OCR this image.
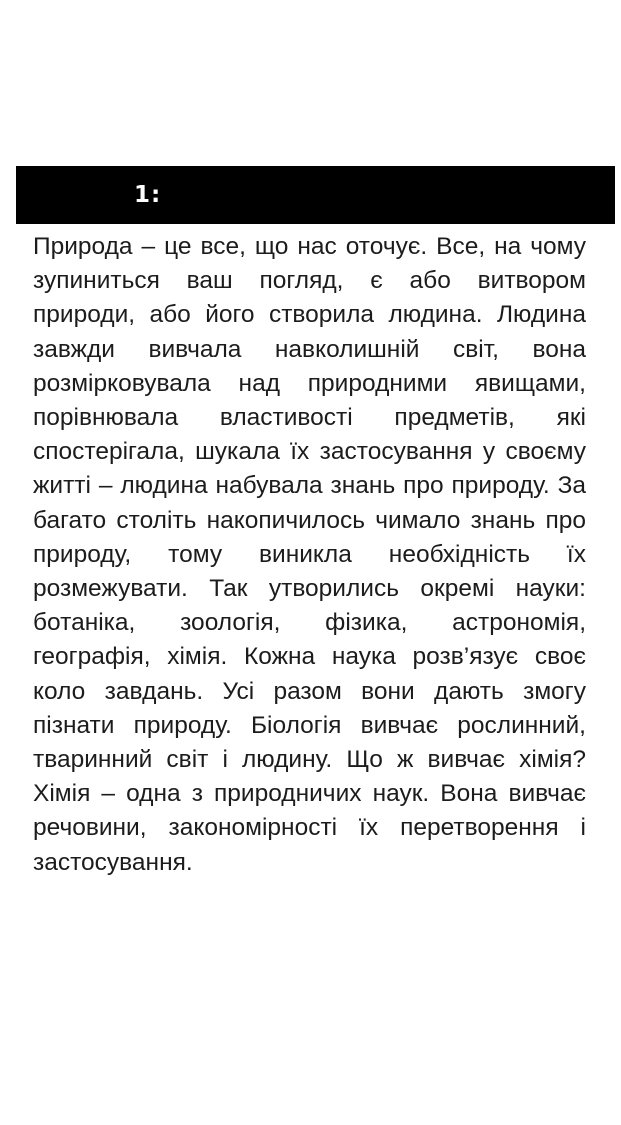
1:

Природа – це все, що нас оточує. Все, на чому зупиниться ваш погляд, є або витвором природи, або його створила людина. Людина завжди вивчала навколишній світ, вона розмірковувала над природними явищами, порівнювала властивості предметів, які спостерігала, шукала їх застосування у своєму житті – людина набувала знань про природу. За багато століть накопичилось чимало знань про природу, тому виникла необхідність їх розмежувати. Так утворились окремі науки: ботаніка, зоологія, фізика, астрономія, географія, хімія. Кожна наука розв’язує своє коло завдань. Усі разом вони дають змогу пізнати природу. Біологія вивчає рослинний, тваринний світ і людину. Що ж вивчає хімія? Хімія – одна з природничих наук. Вона вивчає речовини, закономірності їх перетворення і застосування.
